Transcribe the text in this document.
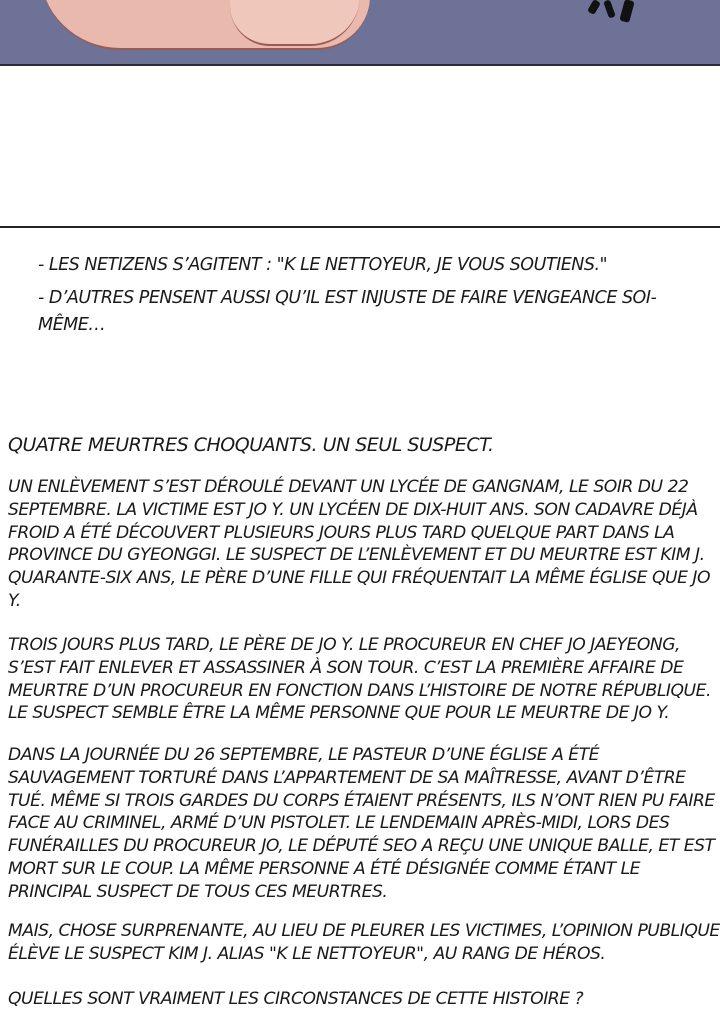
- LES NETIZENS S’AGITENT : "K LE NETTOYEUR, JE VOUS SOUTIENS."

- D’AUTRES PENSENT AUSSI QU’IL EST INJUSTE DE FAIRE VENGEANCE SOI-MÊME…

QUATRE MEURTRES CHOQUANTS. UN SEUL SUSPECT.

UN ENLÈVEMENT S’EST DÉROULÉ DEVANT UN LYCÉE DE GANGNAM, LE SOIR DU 22 SEPTEMBRE. LA VICTIME EST JO Y. UN LYCÉEN DE DIX-HUIT ANS. SON CADAVRE DÉJÀ FROID A ÉTÉ DÉCOUVERT PLUSIEURS JOURS PLUS TARD QUELQUE PART DANS LA PROVINCE DU GYEONGGI. LE SUSPECT DE L’ENLÈVEMENT ET DU MEURTRE EST KIM J. QUARANTE-SIX ANS, LE PÈRE D’UNE FILLE QUI FRÉQUENTAIT LA MÊME ÉGLISE QUE JO Y.

TROIS JOURS PLUS TARD, LE PÈRE DE JO Y. LE PROCUREUR EN CHEF JO JAEYEONG, S’EST FAIT ENLEVER ET ASSASSINER À SON TOUR. C’EST LA PREMIÈRE AFFAIRE DE MEURTRE D’UN PROCUREUR EN FONCTION DANS L’HISTOIRE DE NOTRE RÉPUBLIQUE. LE SUSPECT SEMBLE ÊTRE LA MÊME PERSONNE QUE POUR LE MEURTRE DE JO Y.

DANS LA JOURNÉE DU 26 SEPTEMBRE, LE PASTEUR D’UNE ÉGLISE A ÉTÉ SAUVAGEMENT TORTURÉ DANS L’APPARTEMENT DE SA MAÎTRESSE, AVANT D’ÊTRE TUÉ. MÊME SI TROIS GARDES DU CORPS ÉTAIENT PRÉSENTS, ILS N’ONT RIEN PU FAIRE FACE AU CRIMINEL, ARMÉ D’UN PISTOLET. LE LENDEMAIN APRÈS-MIDI, LORS DES FUNÉRAILLES DU PROCUREUR JO, LE DÉPUTÉ SEO A REÇU UNE UNIQUE BALLE, ET EST MORT SUR LE COUP. LA MÊME PERSONNE A ÉTÉ DÉSIGNÉE COMME ÉTANT LE PRINCIPAL SUSPECT DE TOUS CES MEURTRES.

MAIS, CHOSE SURPRENANTE, AU LIEU DE PLEURER LES VICTIMES, L’OPINION PUBLIQUE ÉLÈVE LE SUSPECT KIM J. ALIAS "K LE NETTOYEUR", AU RANG DE HÉROS.

QUELLES SONT VRAIMENT LES CIRCONSTANCES DE CETTE HISTOIRE ?
